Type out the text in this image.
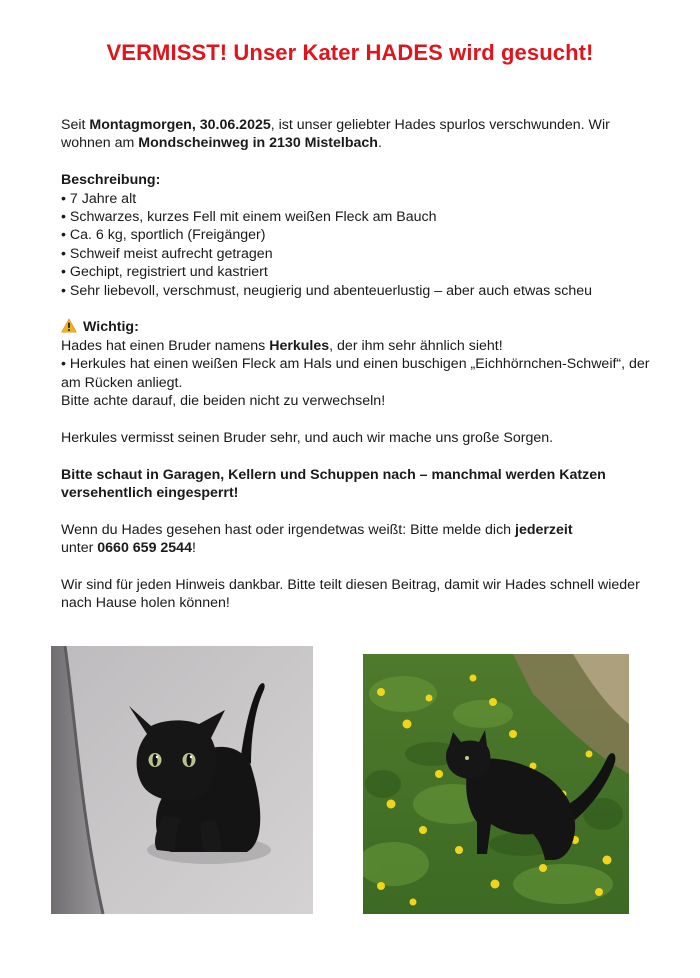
VERMISST! Unser Kater HADES wird gesucht!

Seit Montagmorgen, 30.06.2025, ist unser geliebter Hades spurlos verschwunden. Wir wohnen am Mondscheinweg in 2130 Mistelbach.

Beschreibung:

• 7 Jahre alt

• Schwarzes, kurzes Fell mit einem weißen Fleck am Bauch

• Ca. 6 kg, sportlich (Freigänger)

• Schweif meist aufrecht getragen

• Gechipt, registriert und kastriert

• Sehr liebevoll, verschmust, neugierig und abenteuerlustig – aber auch etwas scheu

Wichtig:

Hades hat einen Bruder namens Herkules, der ihm sehr ähnlich sieht!

• Herkules hat einen weißen Fleck am Hals und einen buschigen „Eichhörnchen-Schweif“, der am Rücken anliegt.

Bitte achte darauf, die beiden nicht zu verwechseln!

Herkules vermisst seinen Bruder sehr, und auch wir mache uns große Sorgen.

Bitte schaut in Garagen, Kellern und Schuppen nach – manchmal werden Katzen versehentlich eingesperrt!

Wenn du Hades gesehen hast oder irgendetwas weißt: Bitte melde dich jederzeit
unter 0660 659 2544!

Wir sind für jeden Hinweis dankbar. Bitte teilt diesen Beitrag, damit wir Hades schnell wieder nach Hause holen können!
